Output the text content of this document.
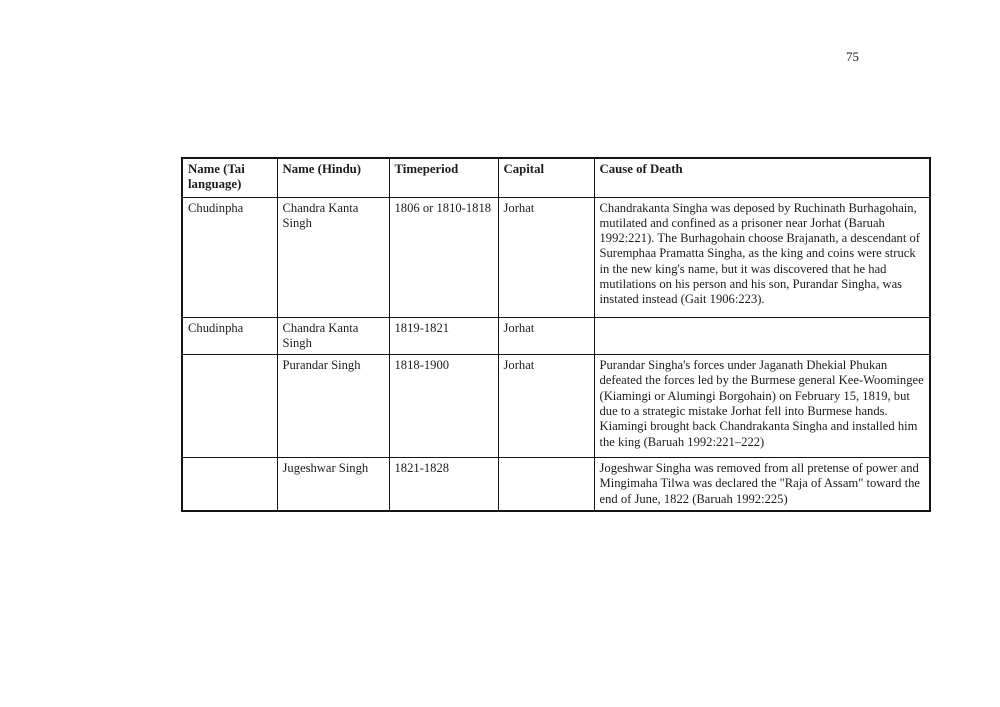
75
Name (Tai language)	Name (Hindu)	Timeperiod	Capital	Cause of Death
Chudinpha	Chandra Kanta Singh	1806 or 1810-1818	Jorhat	Chandrakanta Singha was deposed by Ruchinath Burhagohain, mutilated and confined as a prisoner near Jorhat (Baruah 1992:221). The Burhagohain choose Brajanath, a descendant of Suremphaa Pramatta Singha, as the king and coins were struck in the new king's name, but it was discovered that he had mutilations on his person and his son, Purandar Singha, was instated instead (Gait 1906:223).
Chudinpha	Chandra Kanta Singh	1819-1821	Jorhat	
	Purandar Singh	1818-1900	Jorhat	Purandar Singha's forces under Jaganath Dhekial Phukan defeated the forces led by the Burmese general Kee-Woomingee (Kiamingi or Alumingi Borgohain) on February 15, 1819, but due to a strategic mistake Jorhat fell into Burmese hands. Kiamingi brought back Chandrakanta Singha and installed him the king (Baruah 1992:221–222)
	Jugeshwar Singh	1821-1828		Jogeshwar Singha was removed from all pretense of power and Mingimaha Tilwa was declared the "Raja of Assam" toward the end of June, 1822 (Baruah 1992:225)
